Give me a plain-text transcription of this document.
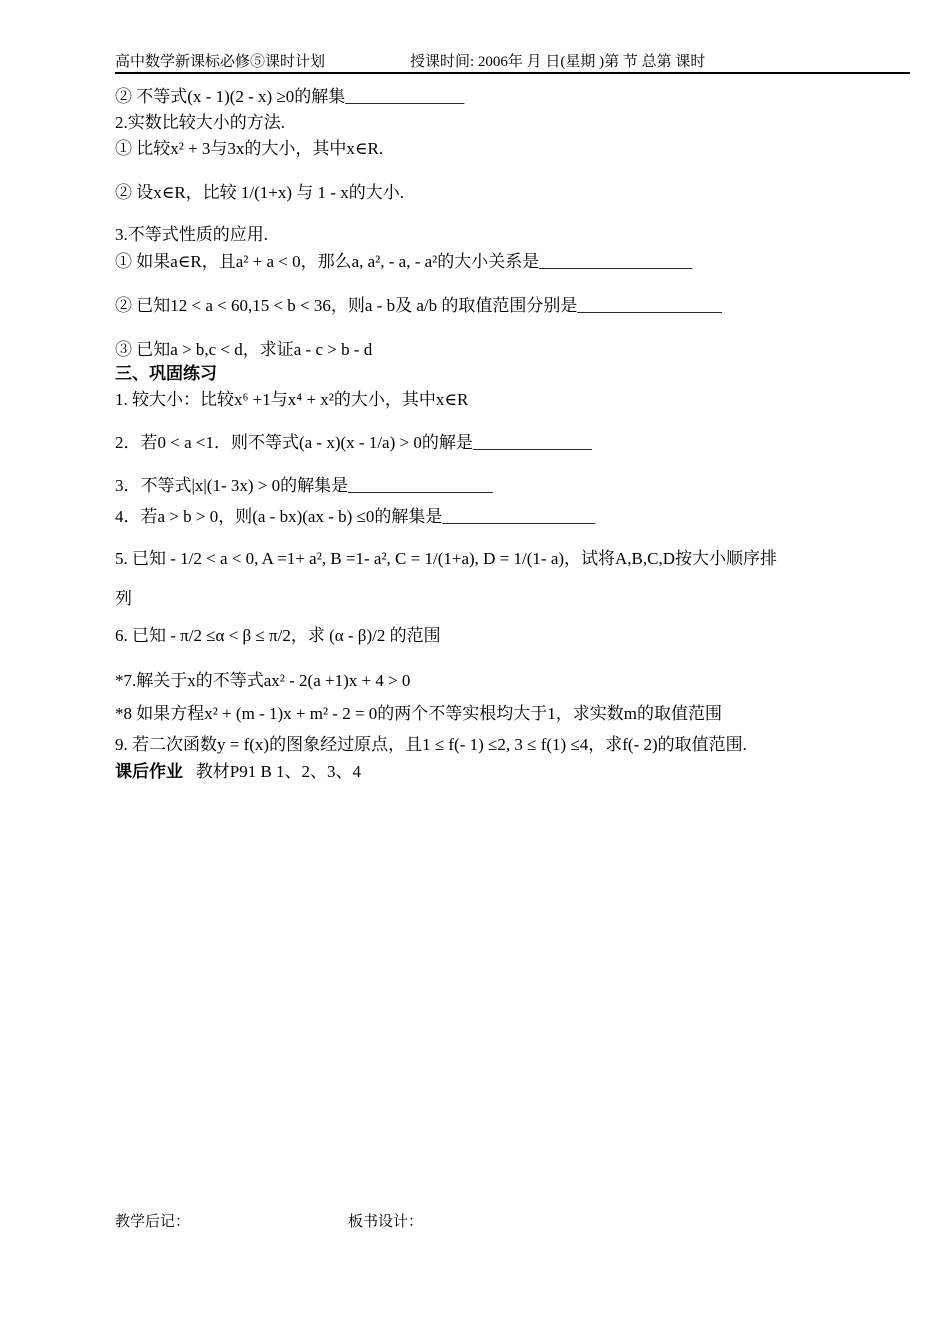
高中数学新课标必修⑤课时计划	授课时间: 2006年 月 日(星期 )第 节 总第 课时
② 不等式(x - 1)(2 - x) ≥0的解集______________
2.实数比较大小的方法.
① 比较x² + 3与3x的大小，其中x∈R.
② 设x∈R，比较 1/(1+x) 与 1 - x的大小.
3.不等式性质的应用.
① 如果a∈R，且a² + a < 0，那么a, a², - a, - a²的大小关系是__________________
② 已知12 < a < 60,15 < b < 36，则a - b及 a/b 的取值范围分别是_________________
③ 已知a > b,c < d，求证a - c > b - d
三、巩固练习
1. 较大小：比较x⁶ +1与x⁴ + x²的大小，其中x∈R
2．若0 < a <1．则不等式(a - x)(x - 1/a) > 0的解是______________
3．不等式|x|(1- 3x) > 0的解集是_________________
4．若a > b > 0，则(a - bx)(ax - b) ≤0的解集是__________________
5. 已知 - 1/2 < a < 0, A =1+ a², B =1- a², C = 1/(1+a), D = 1/(1- a)，试将A,B,C,D按大小顺序排
列
6. 已知 - π/2 ≤α < β ≤ π/2，求 (α - β)/2 的范围
*7.解关于x的不等式ax² - 2(a +1)x + 4 > 0
*8 如果方程x² + (m - 1)x + m² - 2 = 0的两个不等实根均大于1，求实数m的取值范围
9. 若二次函数y = f(x)的图象经过原点，且1 ≤ f(- 1) ≤2, 3 ≤ f(1) ≤4，求f(- 2)的取值范围.
课后作业 教材P91 B 1、2、3、4
教学后记：	板书设计：
